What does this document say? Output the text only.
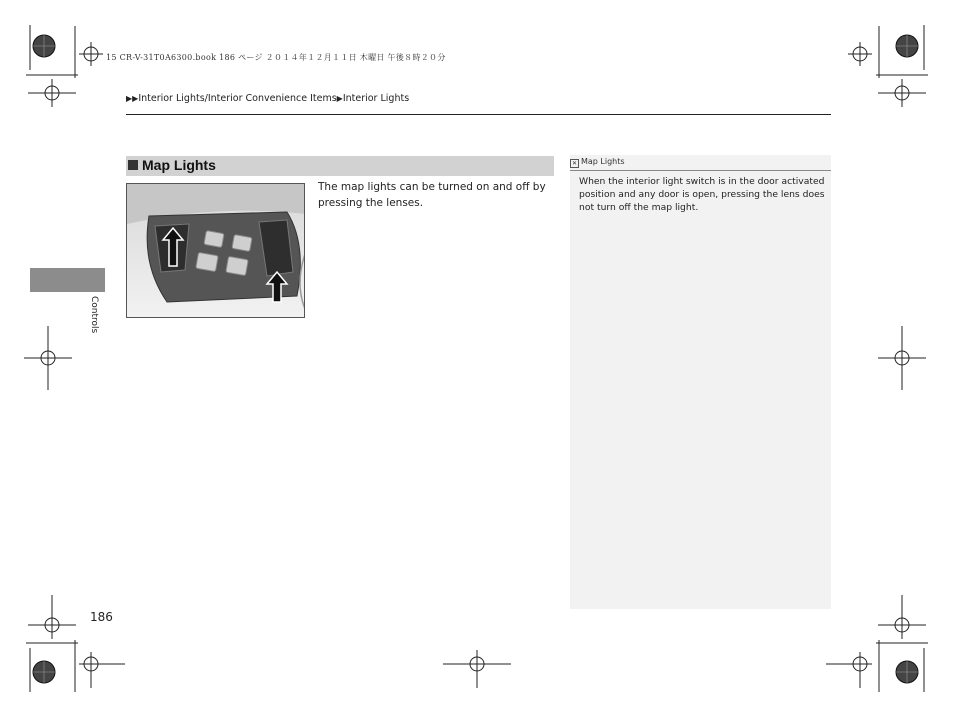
15 CR-V-31T0A6300.book 186 ページ ２０１４年１２月１１日 木曜日 午後８時２０分
▶▶Interior Lights/Interior Convenience Items▶Interior Lights
Controls
Map Lights
The map lights can be turned on and off by pressing the lenses.
✕ Map Lights
When the interior light switch is in the door activated position and any door is open, pressing the lens does not turn off the map light.
186
